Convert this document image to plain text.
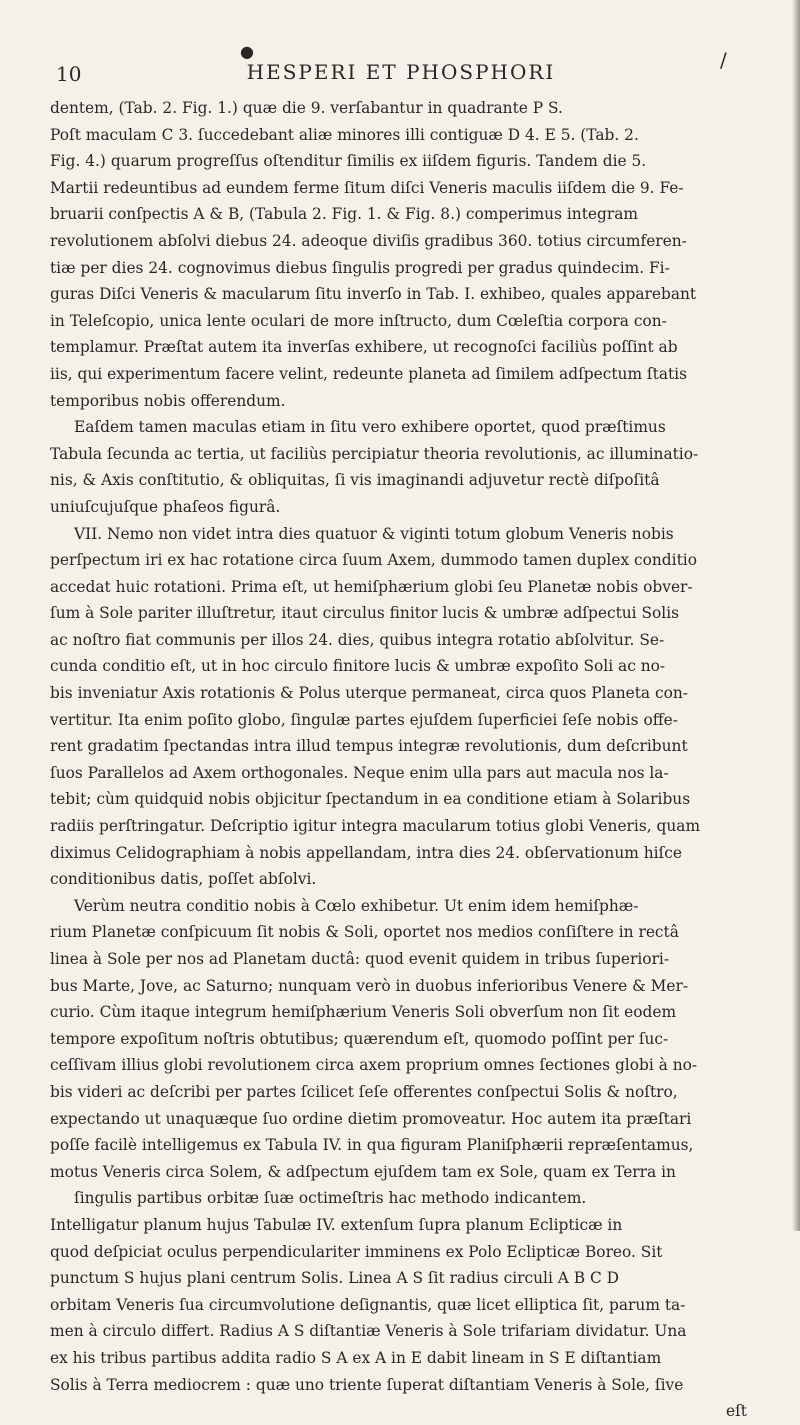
●	/
10	HESPERI ET PHOSPHORI
dentem, (Tab. 2. Fig. 1.) quæ die 9. verſabantur in quadrante P S.
Poſt maculam C 3. ſuccedebant aliæ minores illi contiguæ D 4. E 5. (Tab. 2.
Fig. 4.) quarum progreſſus oſtenditur ſimilis ex iiſdem figuris. Tandem die 5.
Martii redeuntibus ad eundem ferme ſitum diſci Veneris maculis iiſdem die 9. Fe-
bruarii conſpectis A & B, (Tabula 2. Fig. 1. & Fig. 8.) comperimus integram
revolutionem abſolvi diebus 24. adeoque diviſis gradibus 360. totius circumferen-
tiæ per dies 24. cognovimus diebus ſingulis progredi per gradus quindecim. Fi-
guras Diſci Veneris & macularum ſitu inverſo in Tab. I. exhibeo, quales apparebant
in Teleſcopio, unica lente oculari de more inſtructo, dum Cœleſtia corpora con-
templamur. Præſtat autem ita inverſas exhibere, ut recognoſci faciliùs poſſint ab
iis, qui experimentum facere velint, redeunte planeta ad ſimilem adſpectum ſtatis
temporibus nobis offerendum.
Eaſdem tamen maculas etiam in ſitu vero exhibere oportet, quod præſtimus
Tabula ſecunda ac tertia, ut faciliùs percipiatur theoria revolutionis, ac illuminatio-
nis, & Axis conſtitutio, & obliquitas, ſi vis imaginandi adjuvetur rectè diſpoſitâ
uniuſcujuſque phaſeos figurâ.
VII. Nemo non videt intra dies quatuor & viginti totum globum Veneris nobis
perſpectum iri ex hac rotatione circa ſuum Axem, dummodo tamen duplex conditio
accedat huic rotationi. Prima eſt, ut hemiſphærium globi ſeu Planetæ nobis obver-
ſum à Sole pariter illuſtretur, itaut circulus finitor lucis & umbræ adſpectui Solis
ac noſtro fiat communis per illos 24. dies, quibus integra rotatio abſolvitur. Se-
cunda conditio eſt, ut in hoc circulo finitore lucis & umbræ expoſito Soli ac no-
bis inveniatur Axis rotationis & Polus uterque permaneat, circa quos Planeta con-
vertitur. Ita enim poſito globo, ſingulæ partes ejuſdem ſuperficiei ſeſe nobis offe-
rent gradatim ſpectandas intra illud tempus integræ revolutionis, dum deſcribunt
ſuos Parallelos ad Axem orthogonales. Neque enim ulla pars aut macula nos la-
tebit; cùm quidquid nobis objicitur ſpectandum in ea conditione etiam à Solaribus
radiis perſtringatur. Deſcriptio igitur integra macularum totius globi Veneris, quam
diximus Celidographiam à nobis appellandam, intra dies 24. obſervationum hiſce
conditionibus datis, poſſet abſolvi.
Verùm neutra conditio nobis à Cœlo exhibetur. Ut enim idem hemiſphæ-
rium Planetæ conſpicuum ſit nobis & Soli, oportet nos medios conſiſtere in rectâ
linea à Sole per nos ad Planetam ductâ: quod evenit quidem in tribus ſuperiori-
bus Marte, Jove, ac Saturno; nunquam verò in duobus inferioribus Venere & Mer-
curio. Cùm itaque integrum hemiſphærium Veneris Soli obverſum non ſit eodem
tempore expoſitum noſtris obtutibus; quærendum eſt, quomodo poſſint per ſuc-
ceſſivam illius globi revolutionem circa axem proprium omnes ſectiones globi à no-
bis videri ac deſcribi per partes ſcilicet ſeſe offerentes conſpectui Solis & noſtro,
expectando ut unaquæque ſuo ordine dietim promoveatur. Hoc autem ita præſtari
poſſe facilè intelligemus ex Tabula IV. in qua figuram Planiſphærii repræſentamus,
motus Veneris circa Solem, & adſpectum ejuſdem tam ex Sole, quam ex Terra in
ſingulis partibus orbitæ ſuæ octimeſtris hac methodo indicantem.
Intelligatur planum hujus Tabulæ IV. extenſum ſupra planum Eclipticæ in
quod deſpiciat oculus perpendiculariter imminens ex Polo Eclipticæ Boreo. Sit
punctum S hujus plani centrum Solis. Linea A S ſit radius circuli A B C D
orbitam Veneris ſua circumvolutione deſignantis, quæ licet elliptica ſit, parum ta-
men à circulo differt. Radius A S diſtantiæ Veneris à Sole trifariam dividatur. Una
ex his tribus partibus addita radio S A ex A in E dabit lineam in S E diſtantiam
Solis à Terra mediocrem : quæ uno triente ſuperat diſtantiam Veneris à Sole, ſive
eſt
